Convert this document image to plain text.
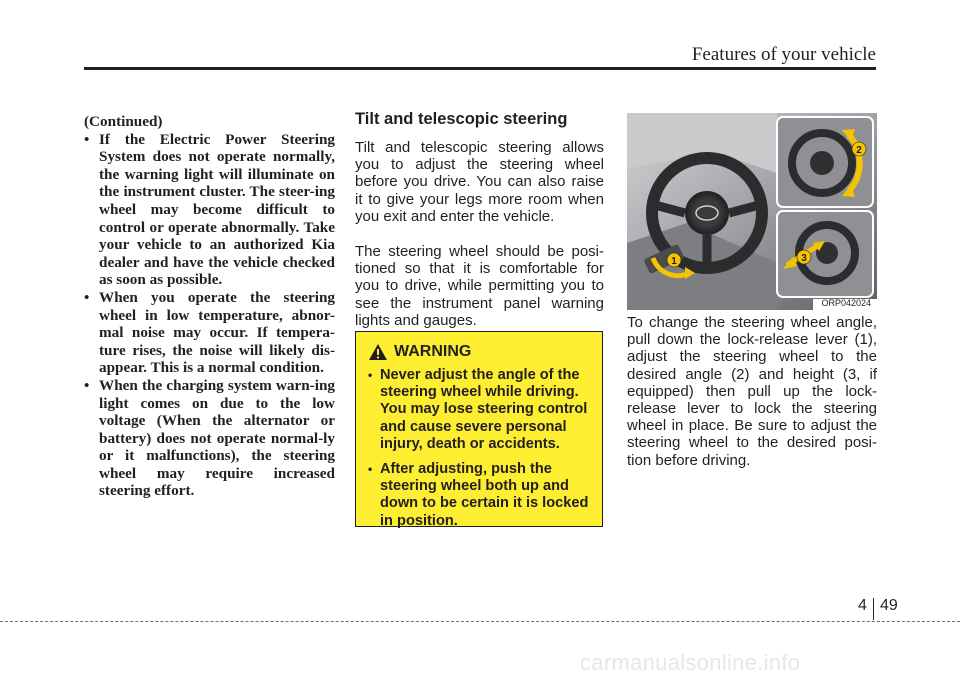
Features of your vehicle

(Continued)

• If the Electric Power Steering System does not operate normally, the warning light will illuminate on the instrument cluster. The steer-ing wheel may become difficult to control or operate abnormally. Take your vehicle to an authorized Kia dealer and have the vehicle checked as soon as possible.
• When you operate the steering wheel in low temperature, abnor-mal noise may occur. If tempera-ture rises, the noise will likely dis-appear. This is a normal condition.
• When the charging system warn-ing light comes on due to the low voltage (When the alternator or battery) does not operate normal-ly or it malfunctions), the steering wheel may require increased steering effort.
Tilt and telescopic steering

Tilt and telescopic steering allows you to adjust the steering wheel before you drive. You can also raise it to give your legs more room when you exit and enter the vehicle.

The steering wheel should be posi-tioned so that it is comfortable for you to drive, while permitting you to see the instrument panel warning lights and gauges.

WARNING
• Never adjust the angle of the steering wheel while driving. You may lose steering control and cause severe personal injury, death or accidents.
• After adjusting, push the steering wheel both up and down to be certain it is locked in position.
1
2
3
ORP042024

To change the steering wheel angle, pull down the lock-release lever (1), adjust the steering wheel to the desired angle (2) and height (3, if equipped) then pull up the lock-release lever to lock the steering wheel in place. Be sure to adjust the steering wheel to the desired posi-tion before driving.

4 49
carmanualsonline.info
